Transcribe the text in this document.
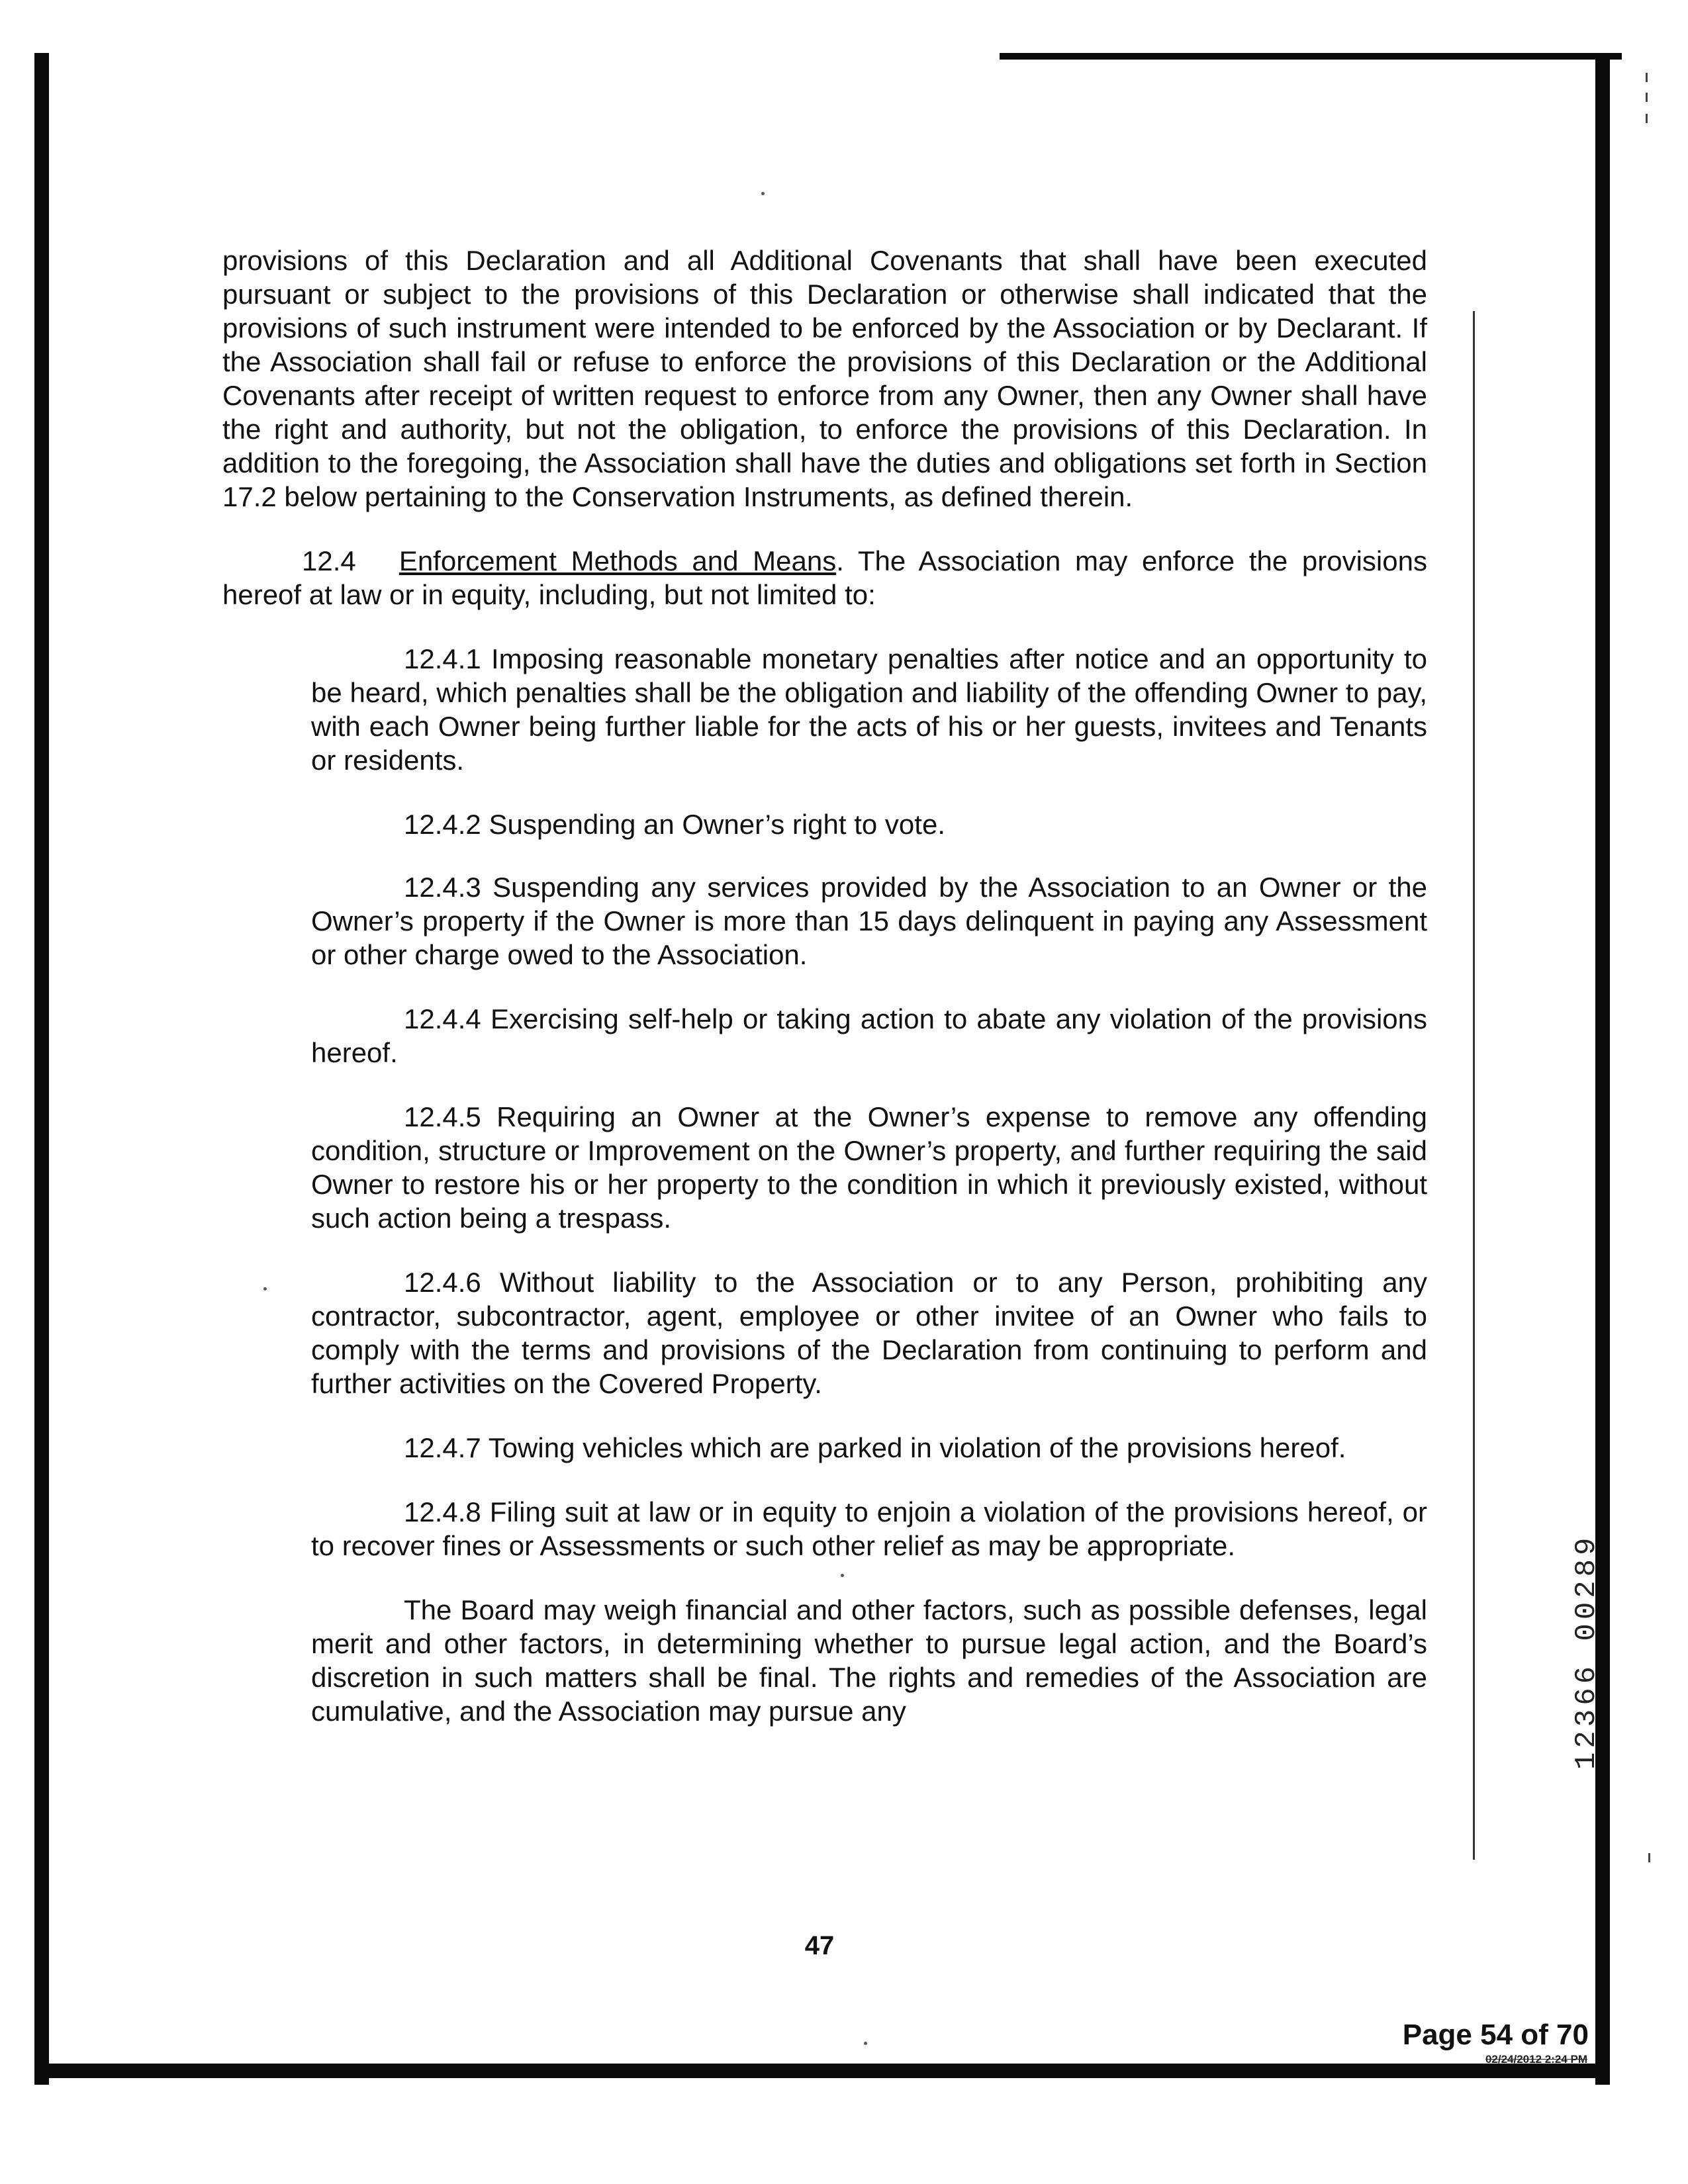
provisions of this Declaration and all Additional Covenants that shall have been executed pursuant or subject to the provisions of this Declaration or otherwise shall indicated that the provisions of such instrument were intended to be enforced by the Association or by Declarant. If the Association shall fail or refuse to enforce the provisions of this Declaration or the Additional Covenants after receipt of written request to enforce from any Owner, then any Owner shall have the right and authority, but not the obligation, to enforce the provisions of this Declaration. In addition to the foregoing, the Association shall have the duties and obligations set forth in Section 17.2 below pertaining to the Conservation Instruments, as defined therein.

12.4 Enforcement Methods and Means. The Association may enforce the provisions hereof at law or in equity, including, but not limited to:

12.4.1 Imposing reasonable monetary penalties after notice and an opportunity to be heard, which penalties shall be the obligation and liability of the offending Owner to pay, with each Owner being further liable for the acts of his or her guests, invitees and Tenants or residents.

12.4.2 Suspending an Owner’s right to vote.

12.4.3 Suspending any services provided by the Association to an Owner or the Owner’s property if the Owner is more than 15 days delinquent in paying any Assessment or other charge owed to the Association.

12.4.4 Exercising self-help or taking action to abate any violation of the provisions hereof.

12.4.5 Requiring an Owner at the Owner’s expense to remove any offending condition, structure or Improvement on the Owner’s property, and further requiring the said Owner to restore his or her property to the condition in which it previously existed, without such action being a trespass.

12.4.6 Without liability to the Association or to any Person, prohibiting any contractor, subcontractor, agent, employee or other invitee of an Owner who fails to comply with the terms and provisions of the Declaration from continuing to perform and further activities on the Covered Property.

12.4.7 Towing vehicles which are parked in violation of the provisions hereof.

12.4.8 Filing suit at law or in equity to enjoin a violation of the provisions hereof, or to recover fines or Assessments or such other relief as may be appropriate.

The Board may weigh financial and other factors, such as possible defenses, legal merit and other factors, in determining whether to pursue legal action, and the Board’s discretion in such matters shall be final. The rights and remedies of the Association are cumulative, and the Association may pursue any

47
12366 00289
Page 54 of 70
02/24/2012 2:24 PM
